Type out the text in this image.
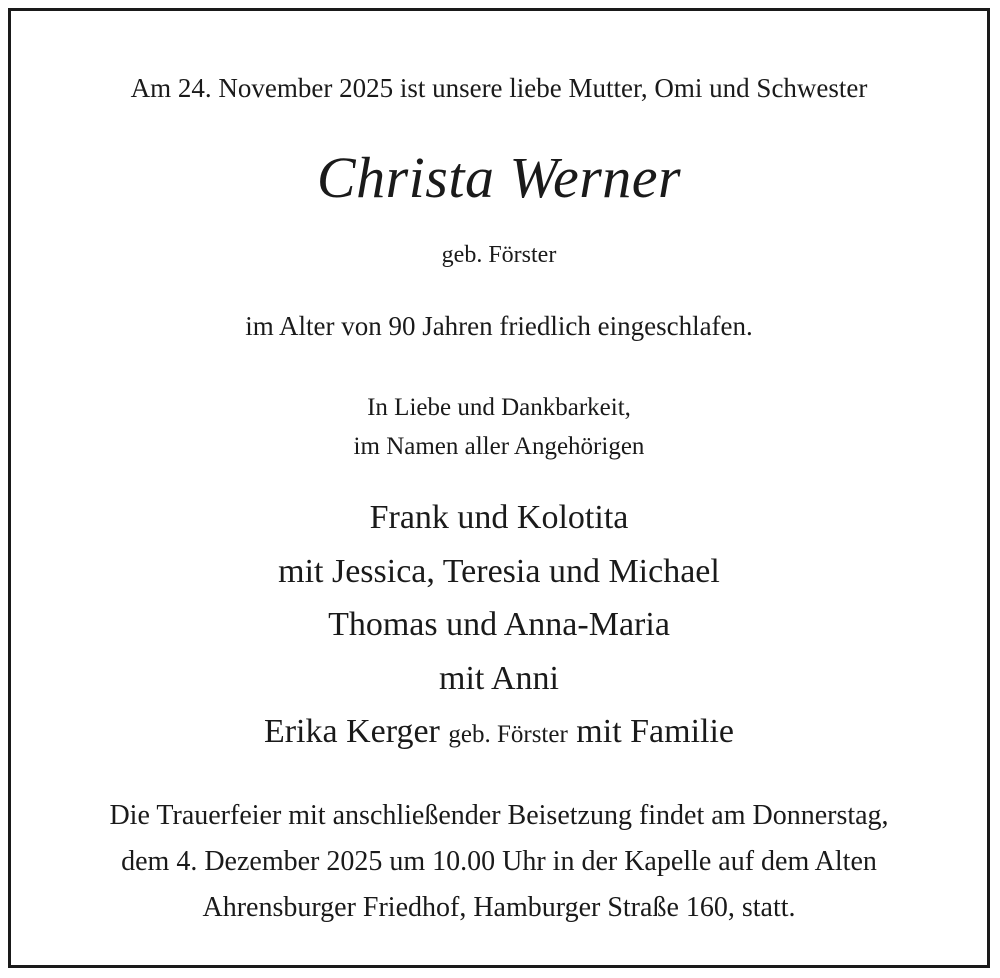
Am 24. November 2025 ist unsere liebe Mutter, Omi und Schwester
Christa Werner
geb. Förster
im Alter von 90 Jahren friedlich eingeschlafen.
In Liebe und Dankbarkeit,
im Namen aller Angehörigen
Frank und Kolotita
mit Jessica, Teresia und Michael
Thomas und Anna-Maria
mit Anni
Erika Kerger geb. Förster mit Familie
Die Trauerfeier mit anschließender Beisetzung findet am Donnerstag,
dem 4. Dezember 2025 um 10.00 Uhr in der Kapelle auf dem Alten
Ahrensburger Friedhof, Hamburger Straße 160, statt.
